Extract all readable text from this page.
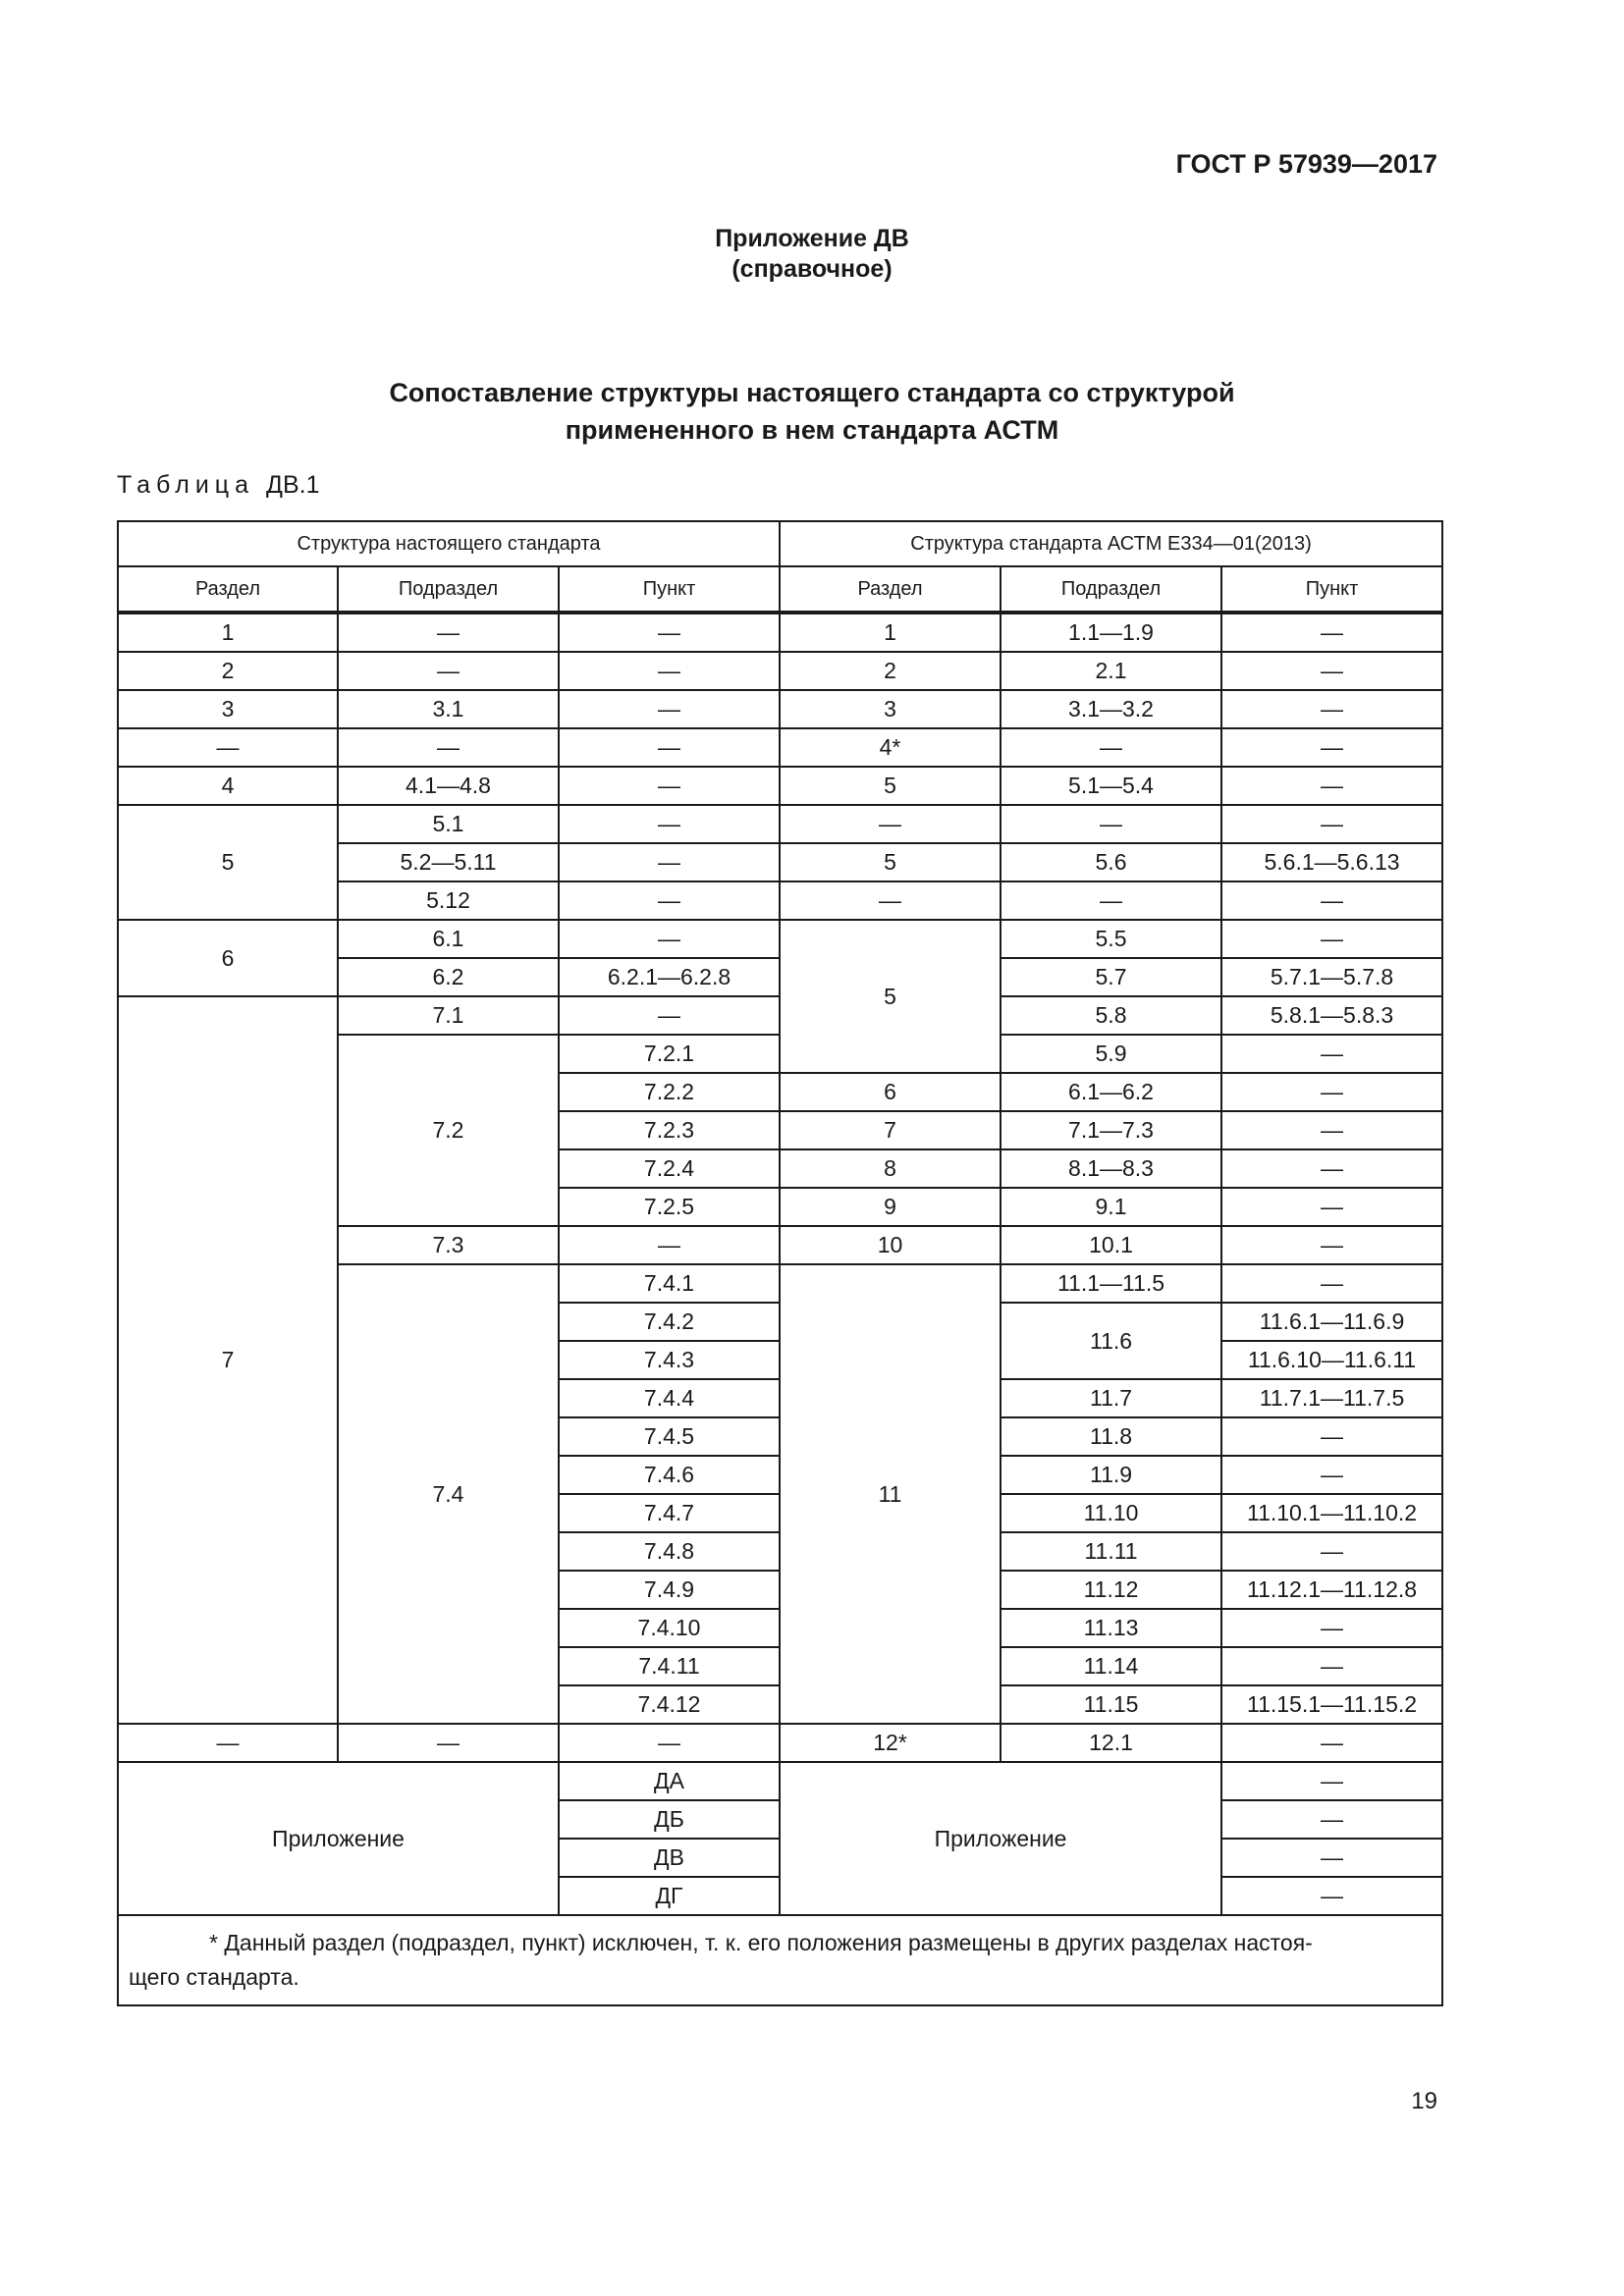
ГОСТ Р 57939—2017
Приложение ДВ
(справочное)
Сопоставление структуры настоящего стандарта со структурой
примененного в нем стандарта АСТМ
Таблица ДВ.1
Структура настоящего стандарта			Структура стандарта АСТМ Е334—01(2013)		
Раздел	Подраздел	Пункт	Раздел	Подраздел	Пункт
1	—	—	1	1.1—1.9	—
2	—	—	2	2.1	—
3	3.1	—	3	3.1—3.2	—
—	—	—	4*	—	—
4	4.1—4.8	—	5	5.1—5.4	—
5	5.1	—	—	—	—
	5.2—5.11	—	5	5.6	5.6.1—5.6.13
	5.12	—	—	—	—
6	6.1	—	5	5.5	—
	6.2	6.2.1—6.2.8		5.7	5.7.1—5.7.8
7	7.1	—		5.8	5.8.1—5.8.3
	7.2	7.2.1		5.9	—
		7.2.2	6	6.1—6.2	—
		7.2.3	7	7.1—7.3	—
		7.2.4	8	8.1—8.3	—
		7.2.5	9	9.1	—
	7.3	—	10	10.1	—
	7.4	7.4.1	11	11.1—11.5	—
		7.4.2		11.6	11.6.1—11.6.9
		7.4.3			11.6.10—11.6.11
		7.4.4		11.7	11.7.1—11.7.5
		7.4.5		11.8	—
		7.4.6		11.9	—
		7.4.7		11.10	11.10.1—11.10.2
		7.4.8		11.11	—
		7.4.9		11.12	11.12.1—11.12.8
		7.4.10		11.13	—
		7.4.11		11.14	—
		7.4.12		11.15	11.15.1—11.15.2
—	—	—	12*	12.1	—
Приложение		ДА	Приложение		—
		ДБ			—
		ДВ			—
		ДГ			—
* Данный раздел (подраздел, пункт) исключен, т. к. его положения размещены в других разделах настоя-
щего стандарта.					
19
